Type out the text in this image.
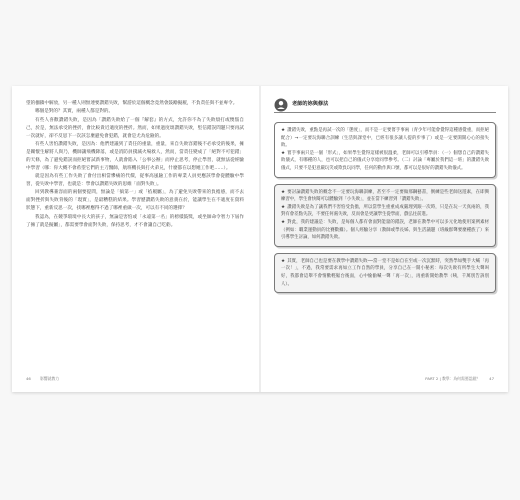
望的枷鎖中解放，另一種人則無連要讚錯失敗，幫游於這個概念竟然會鼓勵擬履，不負責任與不並專令。

哪個是對的？其實，兩種人都是對的。

有些人喜歡讚錯失敗，是因為「讚錯失敗給了一個『解套』的方式，允許你不為了失敗煩打或懊惱自己，於是，無法承受的挫折，會比較貴近適度的挫折。然而，如果過度頌讚錯失敗，堅信錯誤問題只要再試一次就好，卻不反思下一次該怎麼避免會犯錯，就會是尤為危險的。

有些人害怕讚錯失敗，是因為：他們建議到了責任的重量，重量，來自失敗容錯後不必承受的後果，擁是關懷生解將人與乃，機師讓飛機降落，或是消防員撲滅火場救人，然而，當責任變成了「絕對不可犯錯」的天條，為了避免錯誤而拒絕嘗試新事物，人就會陷入「公事公辦」而停止思考，停止學習，就無法從經驗中學習（哪：你大概不會希望它們的主刀醫師，航班機長與打火弟兄，什麼都在以想她工作吧……）。

就是因為有些工作失敗了會付出相當慘痛的代價，從事高風險工作的專業人員更應該學會從體驗中學習，從失敗中學習，也就是：學會以讚錯失敗的思維「面對失敗」。

回到教導兼容面的兩個要提問，無論是「搞第一」或「掐履屬」，為了避免失敗帶來的負擔感，而不去面對挫折與失敗背後的「現實」，是最糟糕的結果。學習歷讚錯失敗的意義在於，能讓學生在不適度在資料狀態下，重新反思一次，找哪裡應得不過了哪裡重做一次，可以有不同的選擇？

我認為，在競爭環境中長大的孩子，無論是害怕或「永遠第一名」的榜樣鼓獎，或坐師命令智力下屆作了擁了就是擬屬」，都需要學會面對失敗，保持思考，才不會讓自己吃虧。

46 影響就教力
老師的妳與修法

★ 讚錯失敗，重點是再試一次的「態度」，而不是一定要嘗手事兩（青少年可能會覺得這種感覺重，而拒絕配合）→一定要玩海聯合訓練（生活與課堂中，已經有很多讓人提的步事了）或是一定要開開心心的接失敗。

★ 嘗手事兩只是一個「形式」，如果學生覺得這樣被很溫柔，老師可以引導學員：（一）個想自己的讚錯失敗儀式，有哪種的人，也可以把自己的儀式分享給同學參考。（二）討論「專屬於我們這一班」的讚錯失敗儀式，只要不是犯意嚴玩笑或欺負玩同學，任何的動作與口號，都可以是很好的讚錯失敗儀式。

★ 要討論讚錯失敗的概念不一定要玩海聯訓練，甚至不一定要做那鋼藝書，倒練是些老師送遊素，在即興練習中，學生會快閱可以體驗到「小失敗」，並在當下練習到「讚錯失敗」。

★ 讚錯失敗是為了讓我們不害怕受負擔，所以當學生重重成成嚴理到跟一次時，只是在玩一天真兩的，我對有會差點失誤，不要任何處失敗，反而會是更讓學生從學面，戲弘往前進。

★ 對此，我的建議是：失敗，是每個人都有會面對能量的錯誤，老師在教學中可以多元化地使用案例素材（例如：職業運動員的比賽數據）。個人經驗分享（教師或學長姊、與生活議題（班級群聲要麼種族了）來引導學生討論，如何讚錯失敗。

★ 其實，老師自己也是要在教學中讚錯失敗──當一堂不是如自在至或一次沉默時，突然學如雙手大喊「再一次！」，不過，我常要需求再如立工作自然的學員，分享自己在一開小秘密：每次失敗有所學生大聲叫好，我都會這舉不會情歡輕鬆台後面，心中偷偷喊一聲「再一次」，再重新開始教學（咦，千萬別告訴別人）。

PART 2 | 教學：為何需要認錯？ 47
